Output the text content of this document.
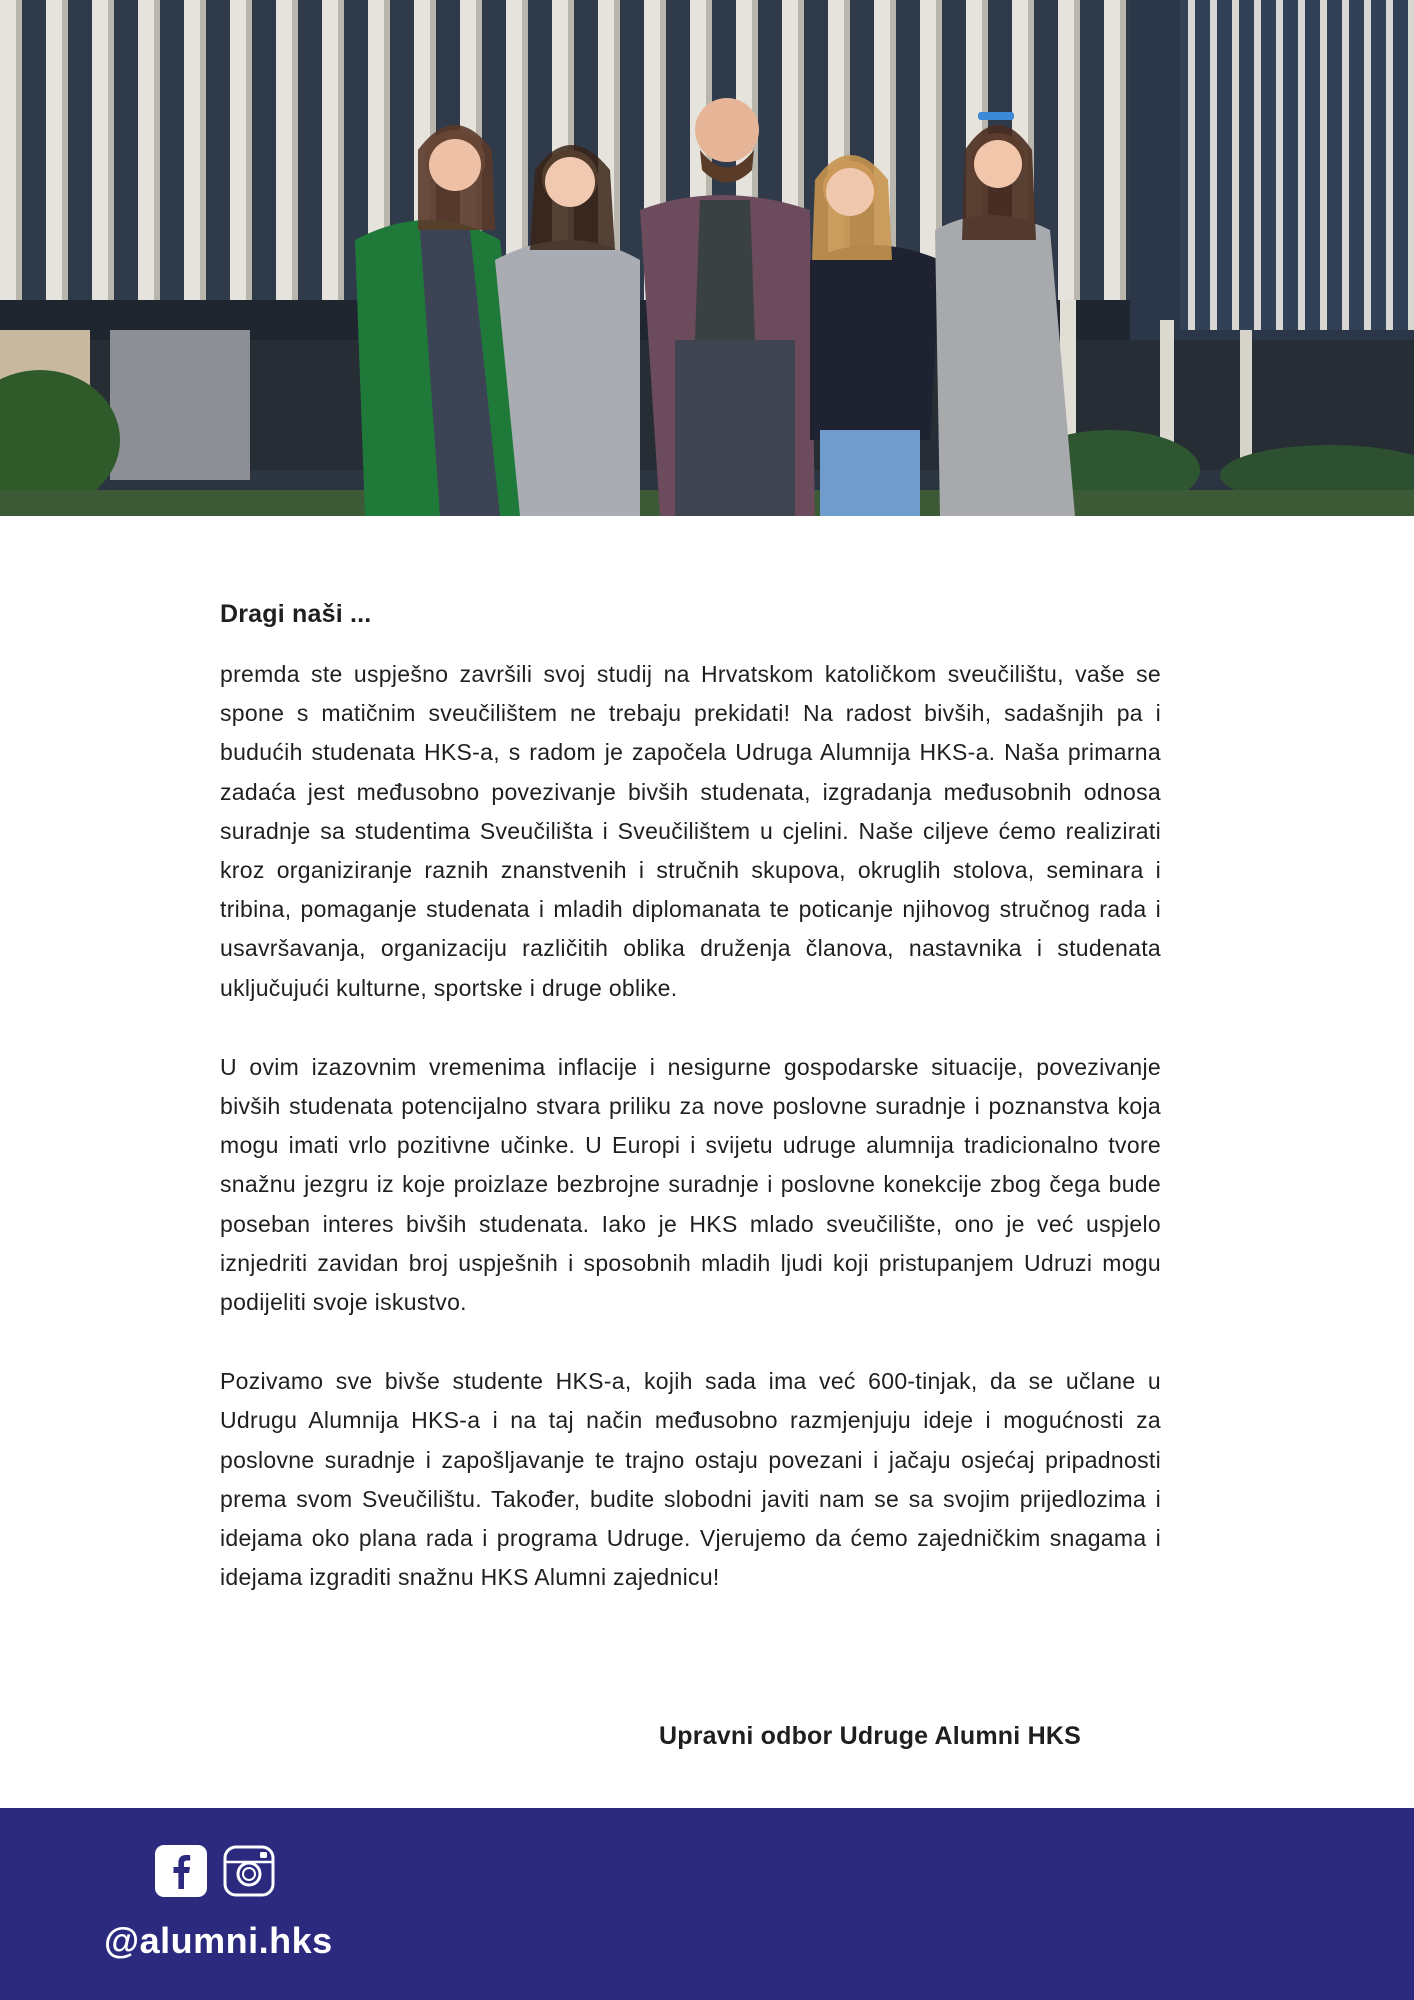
Dragi naši ...

premda ste uspješno završili svoj studij na Hrvatskom katoličkom sveučilištu, vaše se spone s matičnim sveučilištem ne trebaju prekidati! Na radost bivših, sadašnjih pa i budućih studenata HKS-a, s radom je započela Udruga Alumnija HKS-a. Naša primarna zadaća jest međusobno povezivanje bivših studenata, izgradanja međusobnih odnosa suradnje sa studentima Sveučilišta i Sveučilištem u cjelini. Naše ciljeve ćemo realizirati kroz organiziranje raznih znanstvenih i stručnih skupova, okruglih stolova, seminara i tribina, pomaganje studenata i mladih diplomanata te poticanje njihovog stručnog rada i usavršavanja, organizaciju različitih oblika druženja članova, nastavnika i studenata uključujući kulturne, sportske i druge oblike.

U ovim izazovnim vremenima inflacije i nesigurne gospodarske situacije, povezivanje bivših studenata potencijalno stvara priliku za nove poslovne suradnje i poznanstva koja mogu imati vrlo pozitivne učinke. U Europi i svijetu udruge alumnija tradicionalno tvore snažnu jezgru iz koje proizlaze bezbrojne suradnje i poslovne konekcije zbog čega bude poseban interes bivših studenata. Iako je HKS mlado sveučilište, ono je već uspjelo iznjedriti zavidan broj uspješnih i sposobnih mladih ljudi koji pristupanjem Udruzi mogu podijeliti svoje iskustvo.

Pozivamo sve bivše studente HKS-a, kojih sada ima već 600-tinjak, da se učlane u Udrugu Alumnija HKS-a i na taj način međusobno razmjenjuju ideje i mogućnosti za poslovne suradnje i zapošljavanje te trajno ostaju povezani i jačaju osjećaj pripadnosti prema svom Sveučilištu. Također, budite slobodni javiti nam se sa svojim prijedlozima i idejama oko plana rada i programa Udruge. Vjerujemo da ćemo zajedničkim snagama i idejama izgraditi snažnu HKS Alumni zajednicu!

Upravni odbor Udruge Alumni HKS
@alumni.hks
